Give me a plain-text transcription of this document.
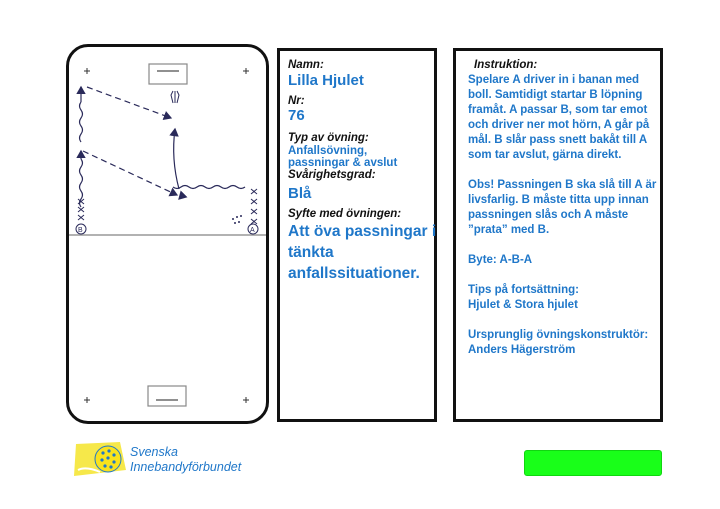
B	A
Namn:
Lilla Hjulet
Nr:
76
Typ av övning:
Anfallsövning, passningar & avslut
Svårighetsgrad:
Blå
Syfte med övningen:
Att öva passningar i tänkta anfallssituationer.
Instruktion:

Spelare A driver in i banan med boll. Samtidigt startar B löpning framåt. A passar B, som tar emot och driver ner mot hörn, A går på mål. B slår pass snett bakåt till A som tar avslut, gärna direkt.

Obs! Passningen B ska slå till A är livsfarlig. B måste titta upp innan passningen slås och A måste ”prata” med B.

Byte: A-B-A

Tips på fortsättning:
Hjulet & Stora hjulet

Ursprunglig övningskonstruktör:
Anders Hägerström

Svenska
Innebandyförbundet
